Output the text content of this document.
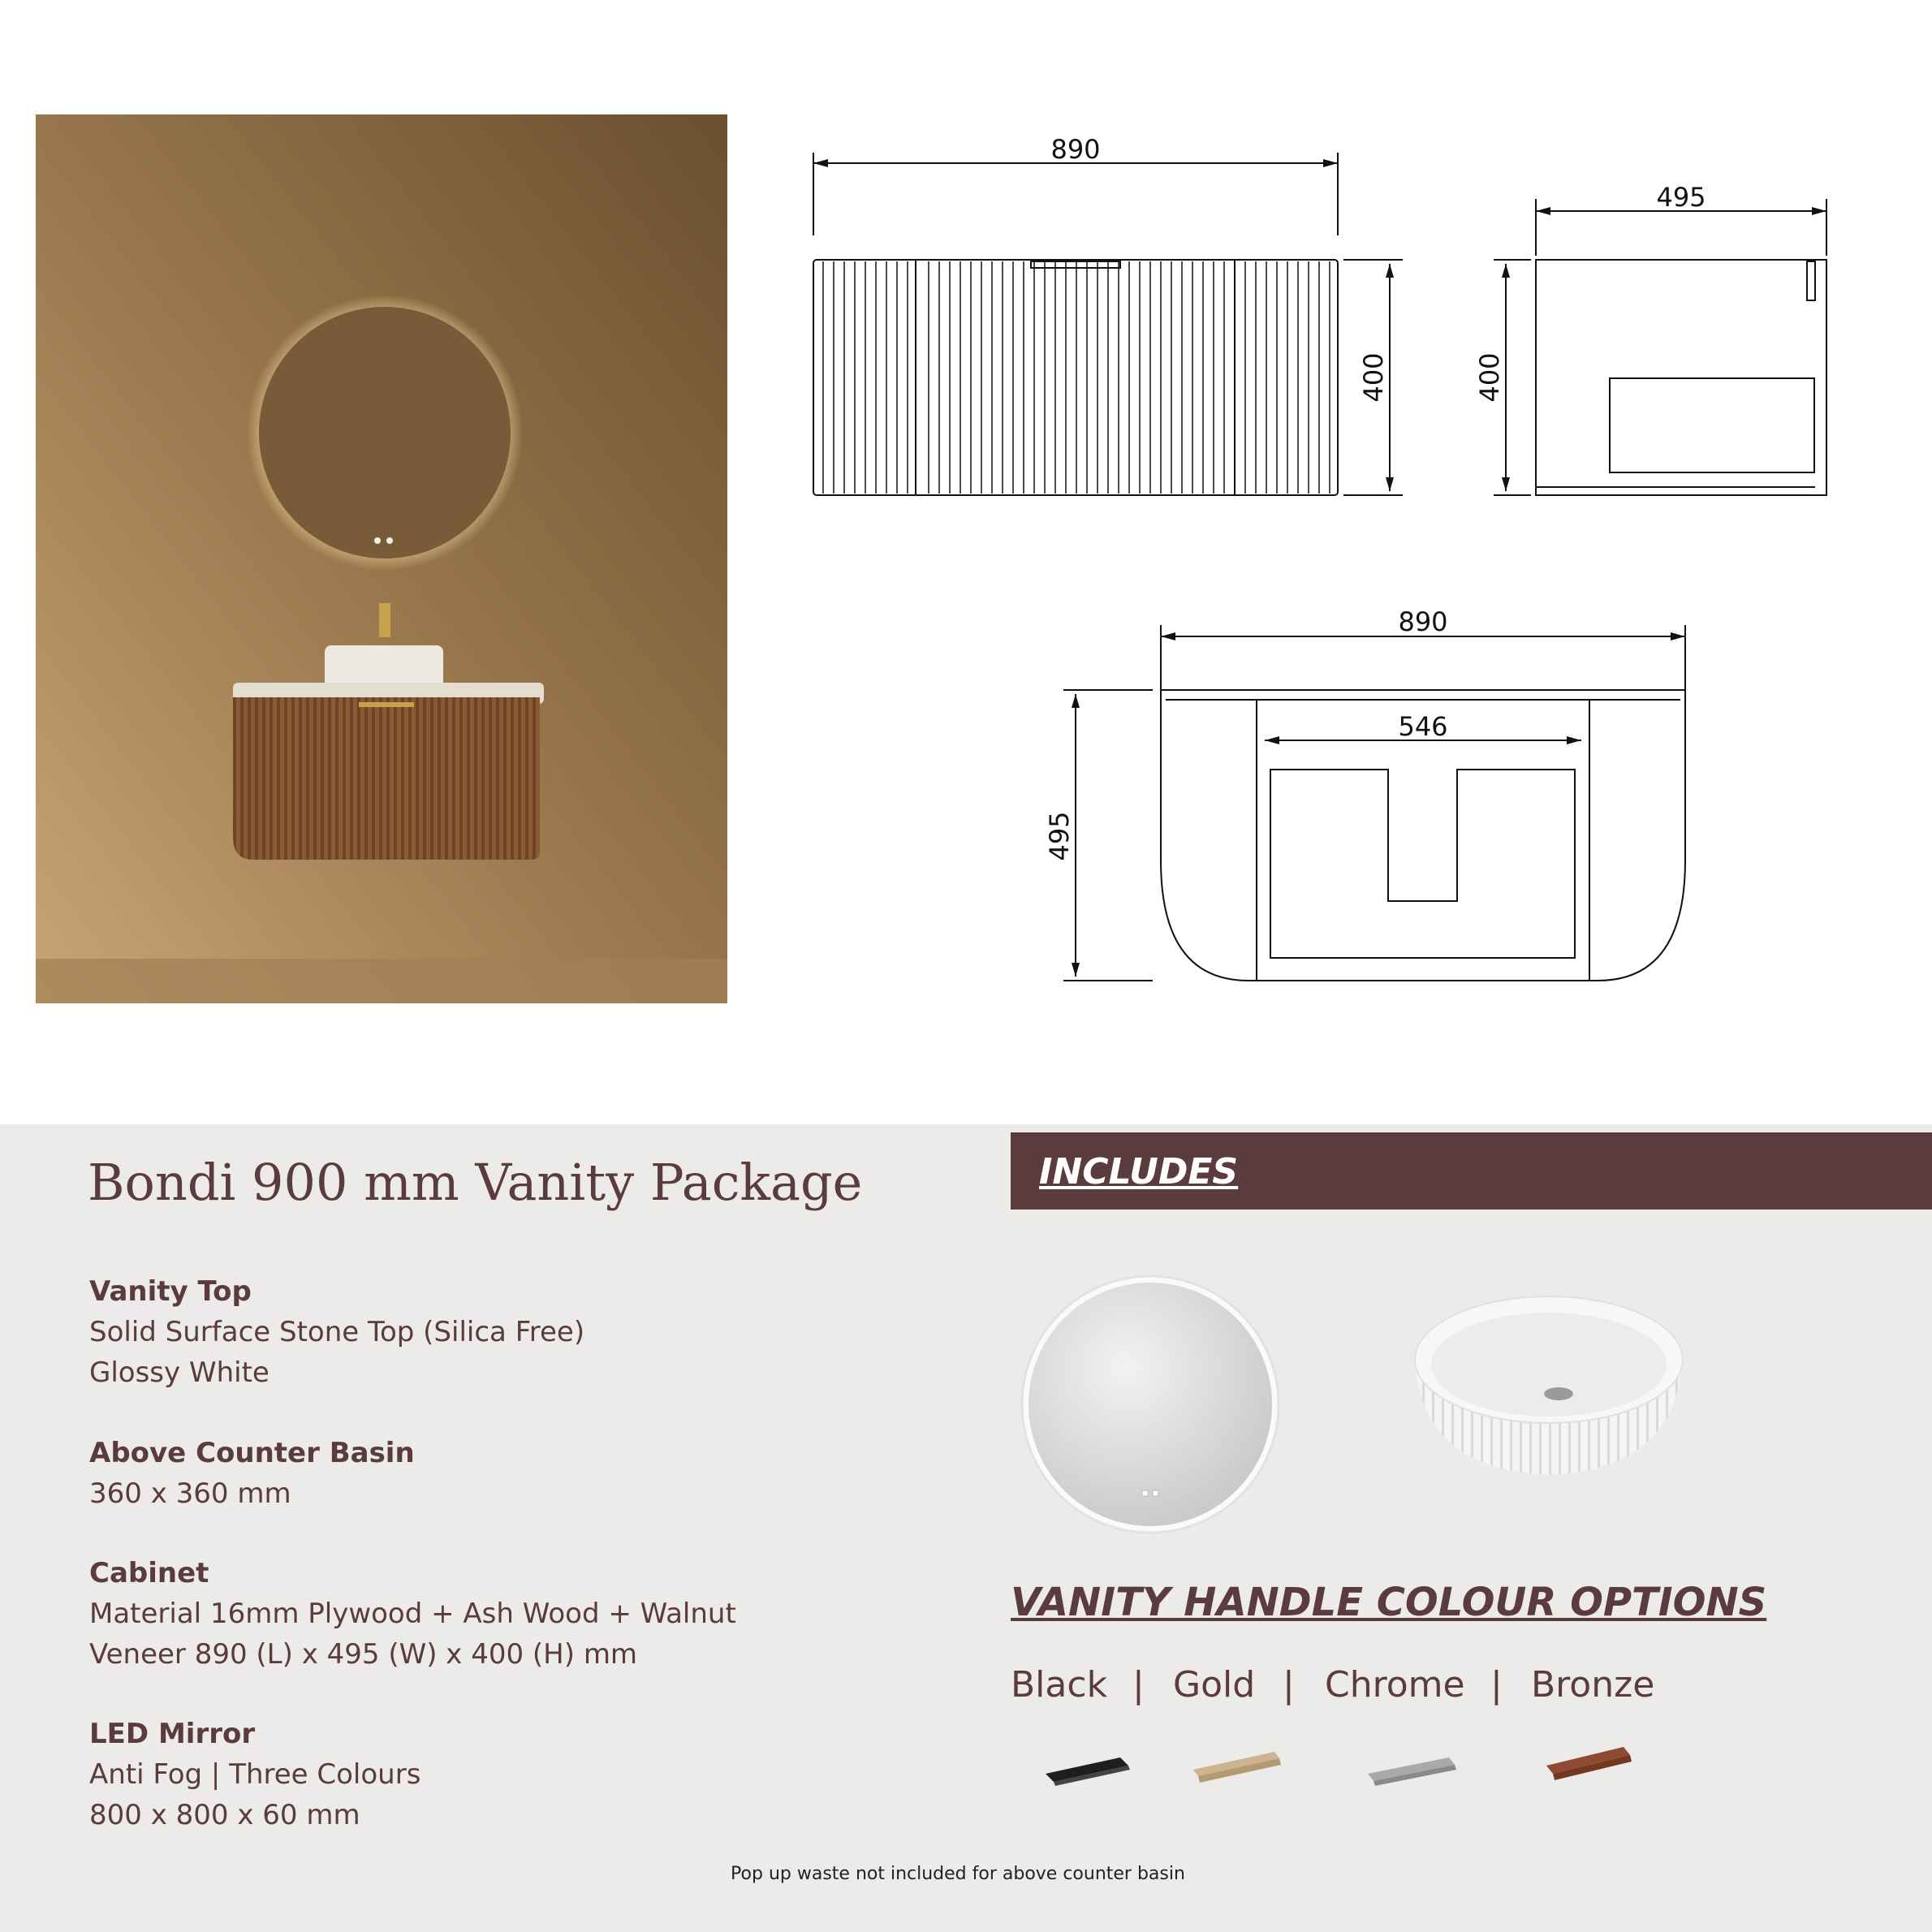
890
400
495
400
890
546
495
Bondi 900 mm Vanity Package
Vanity Top
Solid Surface Stone Top (Silica Free)
Glossy White
Above Counter Basin
360 x 360 mm
Cabinet
Material 16mm Plywood + Ash Wood + Walnut
Veneer 890 (L) x 495 (W) x 400 (H) mm
LED Mirror
Anti Fog | Three Colours
800 x 800 x 60 mm
INCLUDES
VANITY HANDLE COLOUR OPTIONS
Black | Gold | Chrome | Bronze
Pop up waste not included for above counter basin
